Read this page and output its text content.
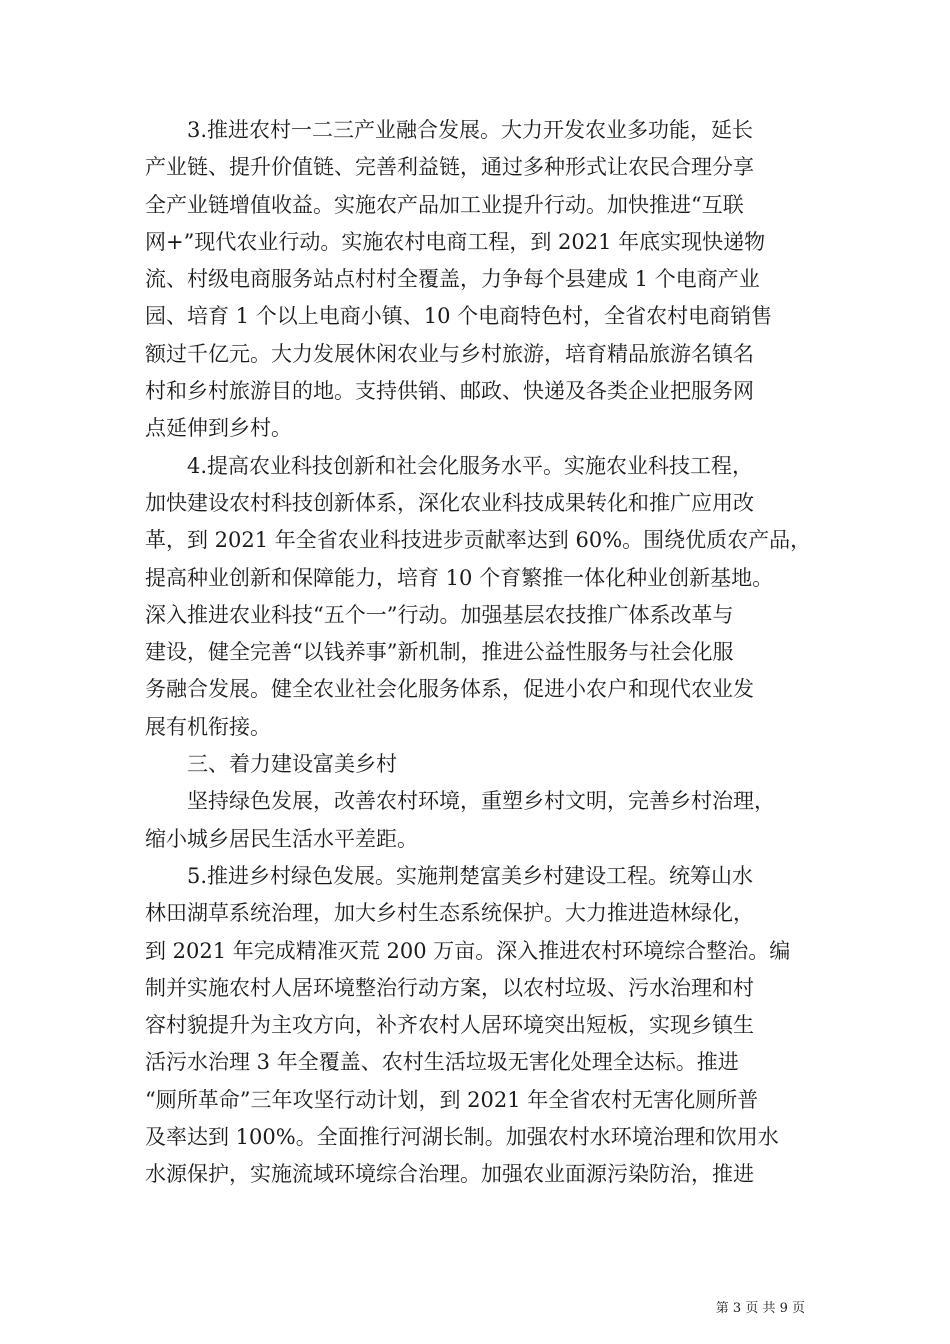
　　3.推进农村一二三产业融合发展。大力开发农业多功能，延长
产业链、提升价值链、完善利益链，通过多种形式让农民合理分享
全产业链增值收益。实施农产品加工业提升行动。加快推进“互联
网+”现代农业行动。实施农村电商工程，到 2021 年底实现快递物
流、村级电商服务站点村村全覆盖，力争每个县建成 1 个电商产业
园、培育 1 个以上电商小镇、10 个电商特色村，全省农村电商销售
额过千亿元。大力发展休闲农业与乡村旅游，培育精品旅游名镇名
村和乡村旅游目的地。支持供销、邮政、快递及各类企业把服务网
点延伸到乡村。
　　4.提高农业科技创新和社会化服务水平。实施农业科技工程，
加快建设农村科技创新体系，深化农业科技成果转化和推广应用改
革，到 2021 年全省农业科技进步贡献率达到 60%。围绕优质农产品，
提高种业创新和保障能力，培育 10 个育繁推一体化种业创新基地。
深入推进农业科技“五个一”行动。加强基层农技推广体系改革与
建设，健全完善“以钱养事”新机制，推进公益性服务与社会化服
务融合发展。健全农业社会化服务体系，促进小农户和现代农业发
展有机衔接。
　　三、着力建设富美乡村
　　坚持绿色发展，改善农村环境，重塑乡村文明，完善乡村治理，
缩小城乡居民生活水平差距。
　　5.推进乡村绿色发展。实施荆楚富美乡村建设工程。统筹山水
林田湖草系统治理，加大乡村生态系统保护。大力推进造林绿化，
到 2021 年完成精准灭荒 200 万亩。深入推进农村环境综合整治。编
制并实施农村人居环境整治行动方案，以农村垃圾、污水治理和村
容村貌提升为主攻方向，补齐农村人居环境突出短板，实现乡镇生
活污水治理 3 年全覆盖、农村生活垃圾无害化处理全达标。推进
“厕所革命”三年攻坚行动计划，到 2021 年全省农村无害化厕所普
及率达到 100%。全面推行河湖长制。加强农村水环境治理和饮用水
水源保护，实施流域环境综合治理。加强农业面源污染防治，推进
第 3 页 共 9 页
